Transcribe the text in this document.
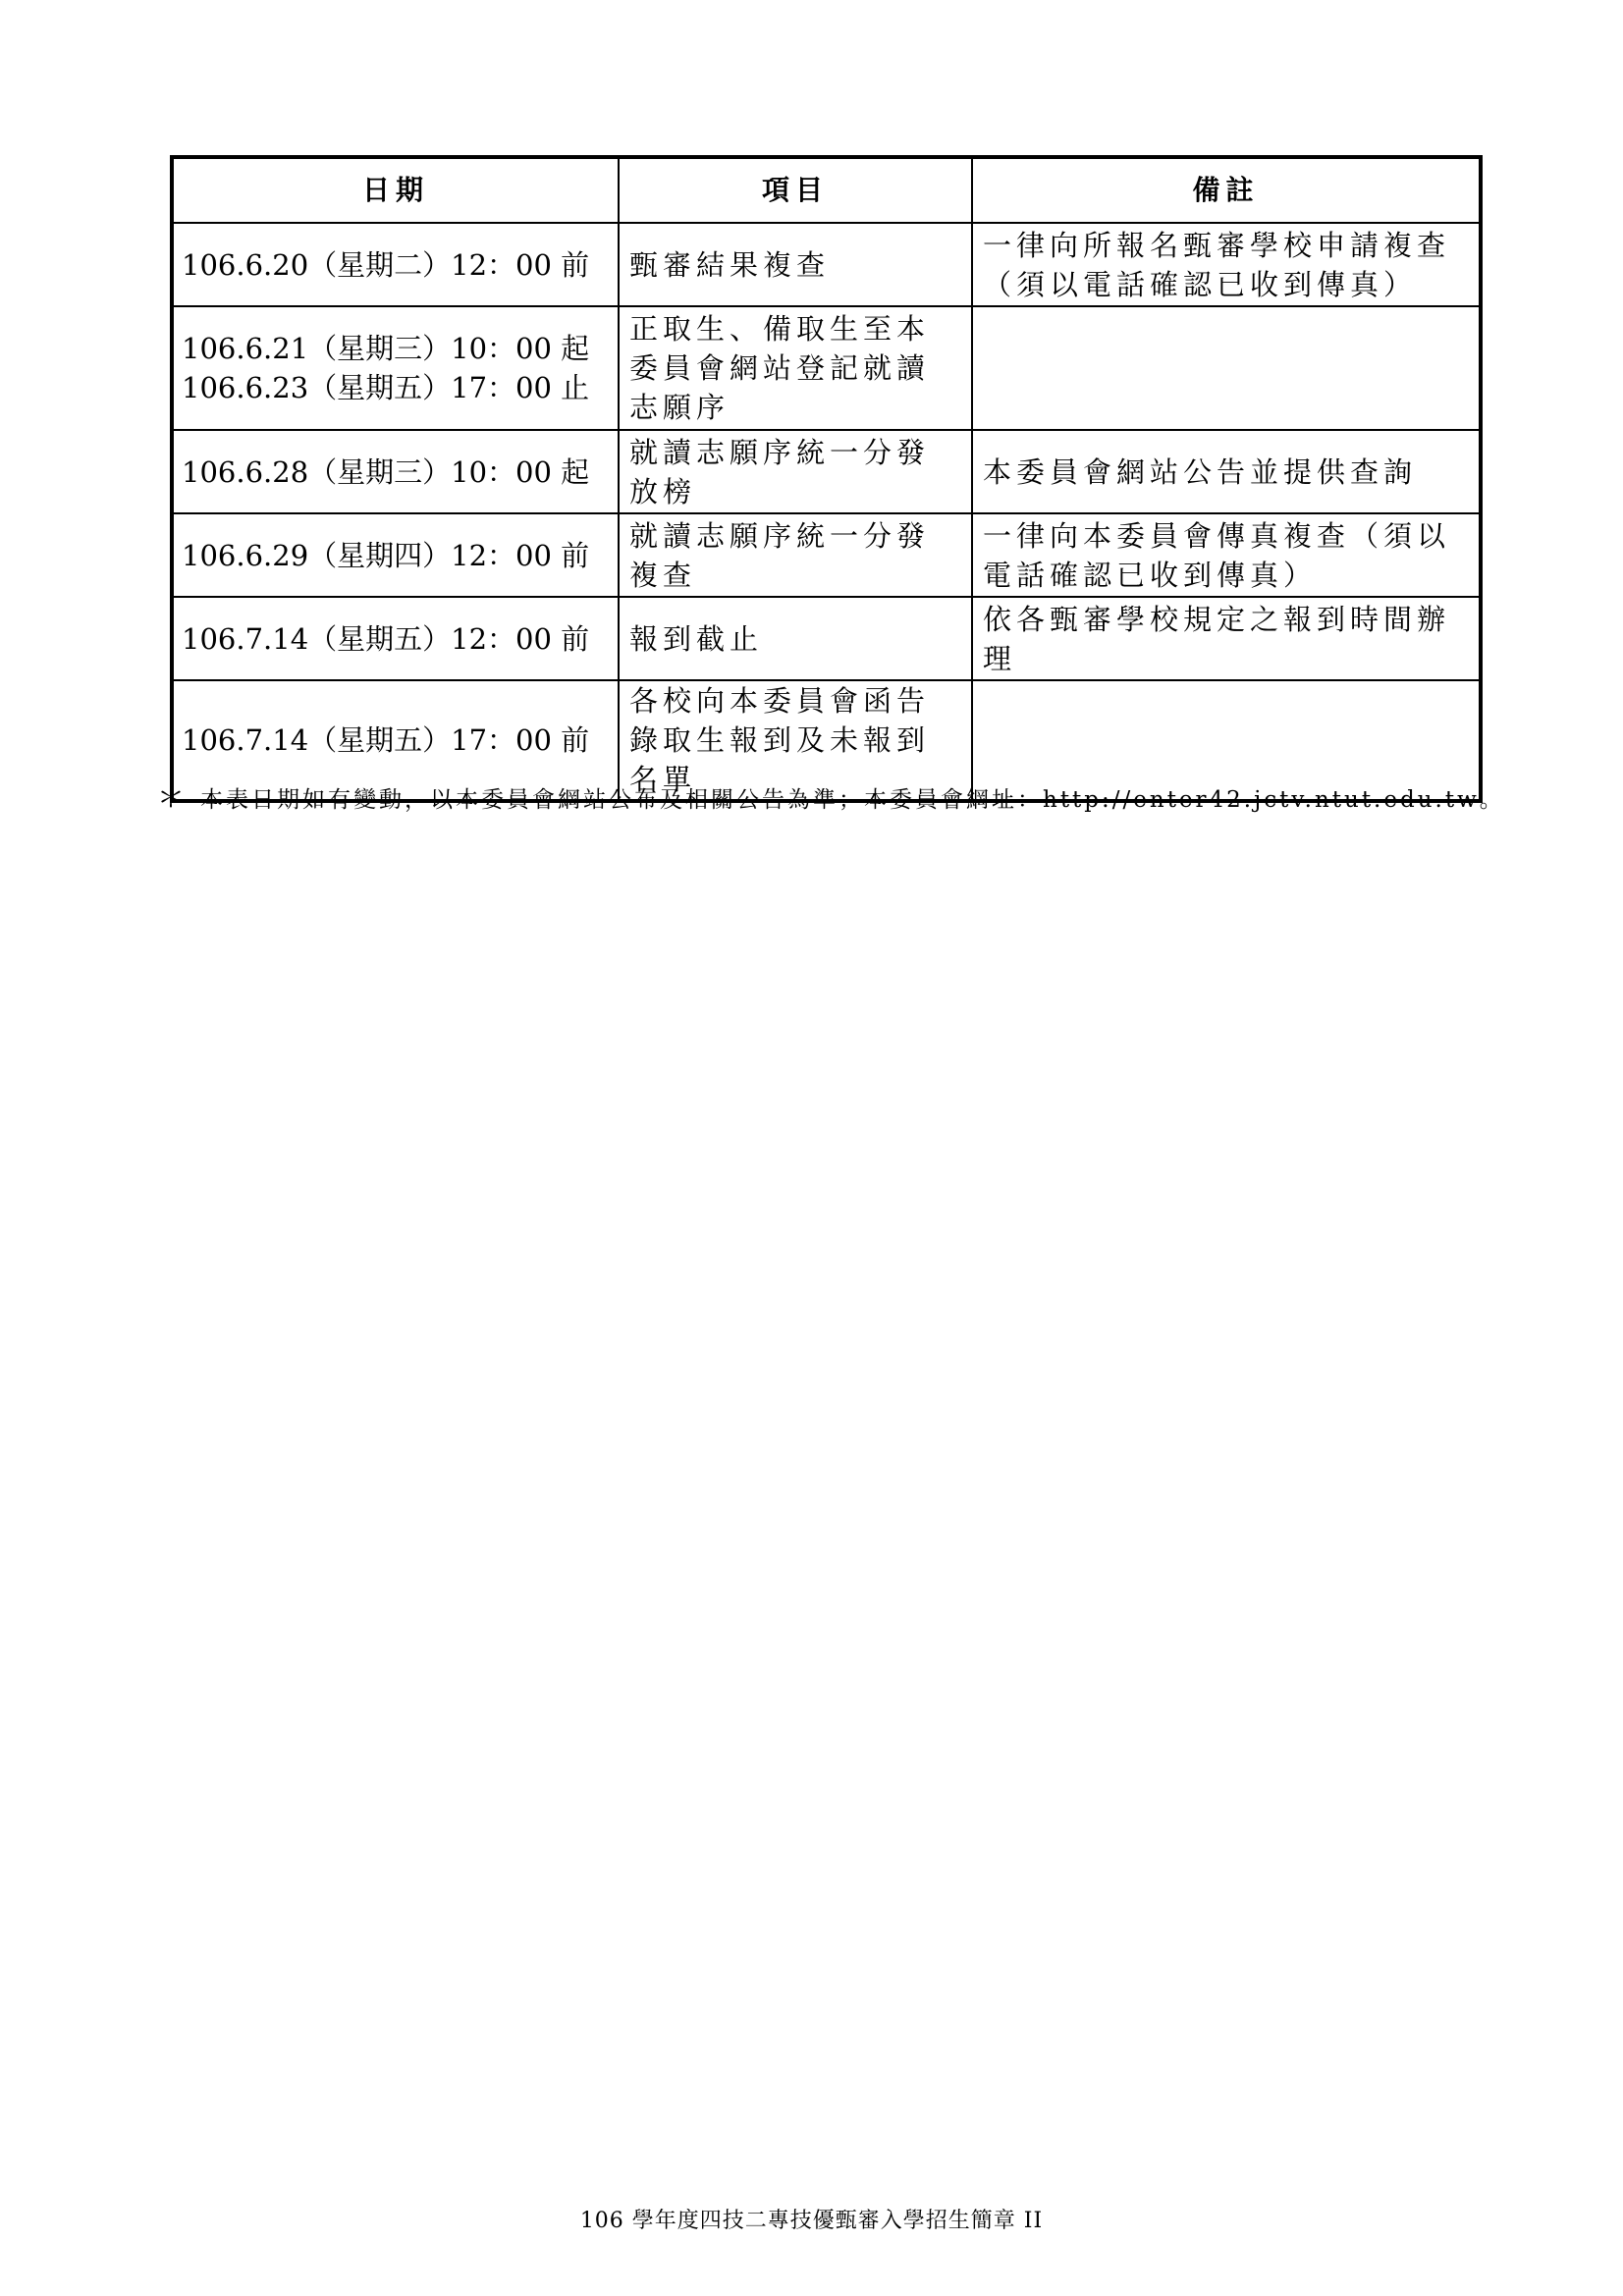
日期	項目	備註

106.6.20（星期二）12：00 前	甄審結果複查	一律向所報名甄審學校申請複查（須以電話確認已收到傳真）

106.6.21（星期三）10：00 起
106.6.23（星期五）17：00 止	正取生、備取生至本委員會網站登記就讀志願序	

106.6.28（星期三）10：00 起	就讀志願序統一分發放榜	本委員會網站公告並提供查詢

106.6.29（星期四）12：00 前	就讀志願序統一分發複查	一律向本委員會傳真複查（須以電話確認已收到傳真）

106.7.14（星期五）12：00 前	報到截止	依各甄審學校規定之報到時間辦理

106.7.14（星期五）17：00 前	各校向本委員會函告錄取生報到及未報到名單	
＊ 本表日期如有變動，以本委員會網站公布及相關公告為準；本委員會網址：http://enter42.jctv.ntut.edu.tw。
106 學年度四技二專技優甄審入學招生簡章 II
